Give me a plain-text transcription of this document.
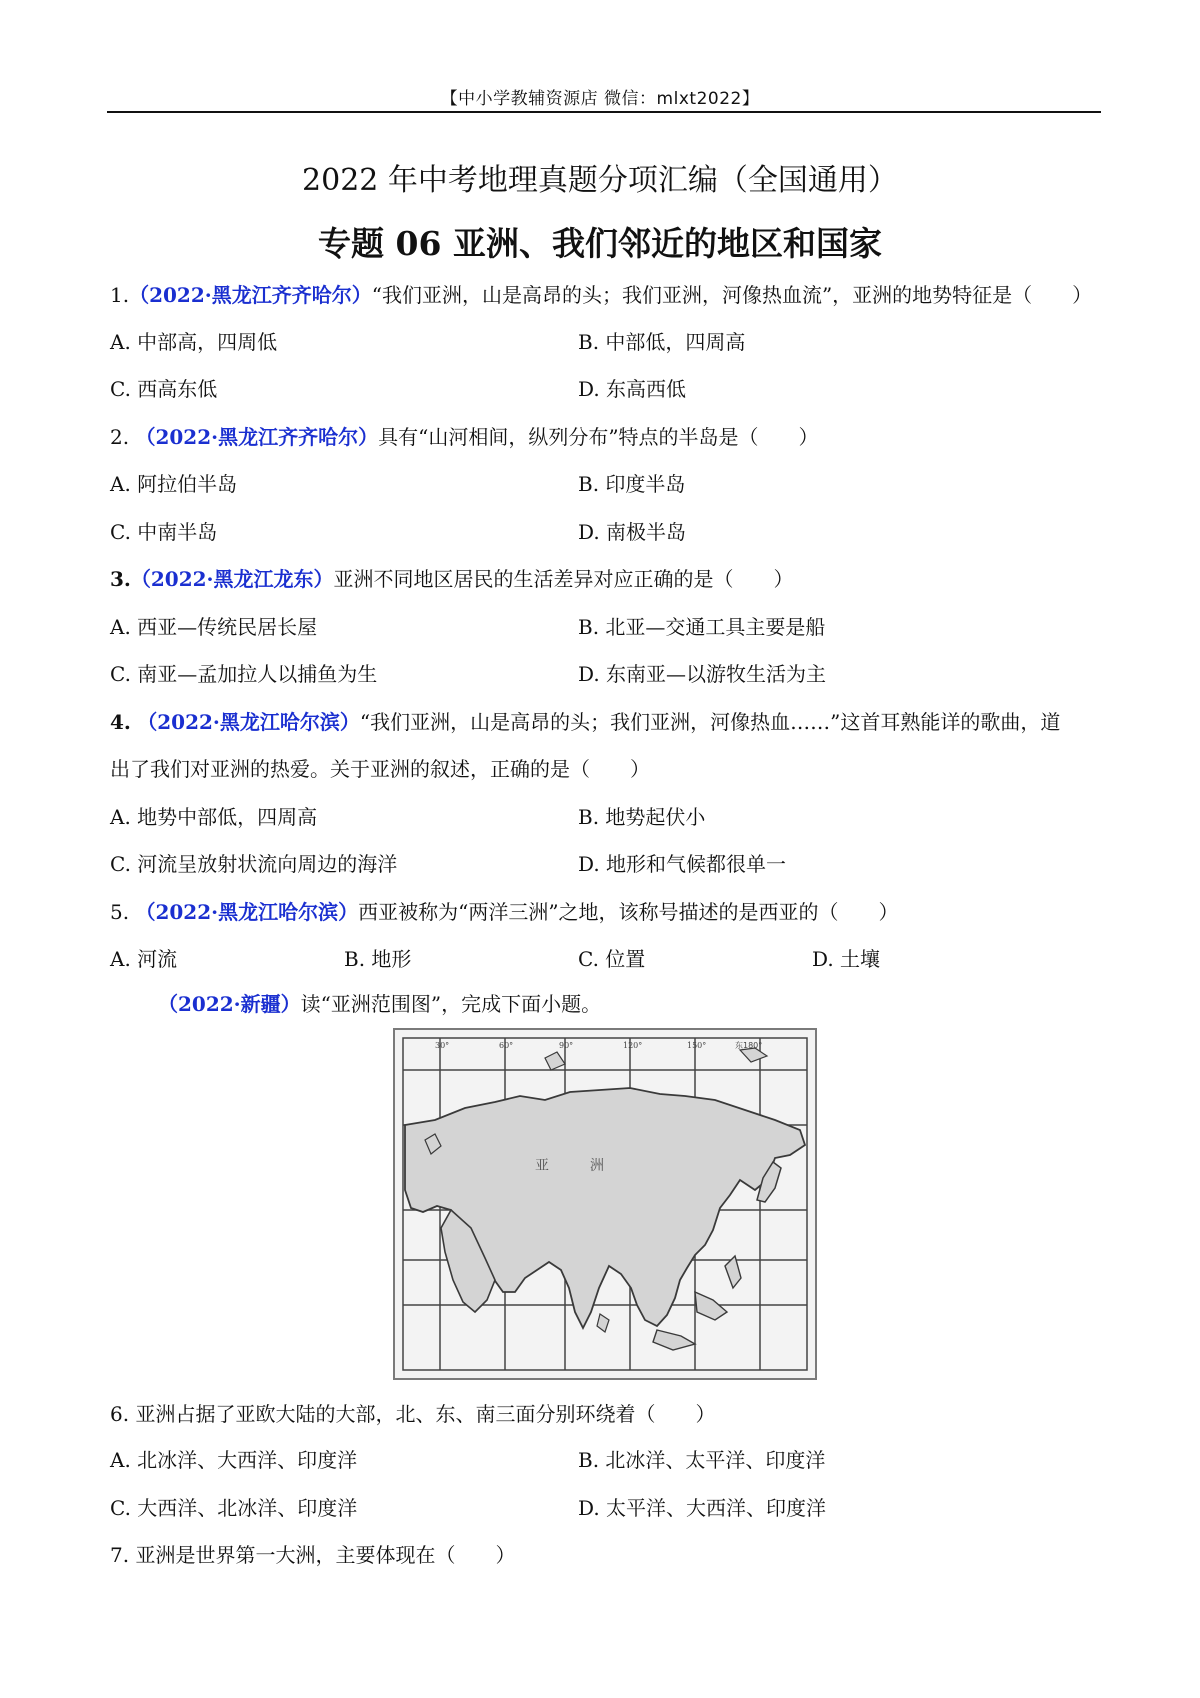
【中小学教辅资源店 微信：mlxt2022】
2022 年中考地理真题分项汇编（全国通用）
专题 06 亚洲、我们邻近的地区和国家
1.（2022·黑龙江齐齐哈尔）“我们亚洲，山是高昂的头；我们亚洲，河像热血流”，亚洲的地势特征是（　　）
A. 中部高，四周低	B. 中部低，四周高
C. 西高东低	D. 东高西低
2. （2022·黑龙江齐齐哈尔）具有“山河相间，纵列分布”特点的半岛是（　　）
A. 阿拉伯半岛	B. 印度半岛
C. 中南半岛	D. 南极半岛
3.（2022·黑龙江龙东）亚洲不同地区居民的生活差异对应正确的是（　　）
A. 西亚—传统民居长屋	B. 北亚—交通工具主要是船
C. 南亚—孟加拉人以捕鱼为生	D. 东南亚—以游牧生活为主
4. （2022·黑龙江哈尔滨）“我们亚洲，山是高昂的头；我们亚洲，河像热血……”这首耳熟能详的歌曲，道
出了我们对亚洲的热爱。关于亚洲的叙述，正确的是（　　）
A. 地势中部低，四周高	B. 地势起伏小
C. 河流呈放射状流向周边的海洋	D. 地形和气候都很单一
5. （2022·黑龙江哈尔滨）西亚被称为“两洋三洲”之地，该称号描述的是西亚的（　　）
A. 河流	B. 地形	C. 位置	D. 土壤
（2022·新疆）读“亚洲范围图”，完成下面小题。
30°	60°	90°	120°	150°	东180°
亚	洲
6. 亚洲占据了亚欧大陆的大部，北、东、南三面分别环绕着（　　）
A. 北冰洋、大西洋、印度洋	B. 北冰洋、太平洋、印度洋
C. 大西洋、北冰洋、印度洋	D. 太平洋、大西洋、印度洋
7. 亚洲是世界第一大洲，主要体现在（　　）
